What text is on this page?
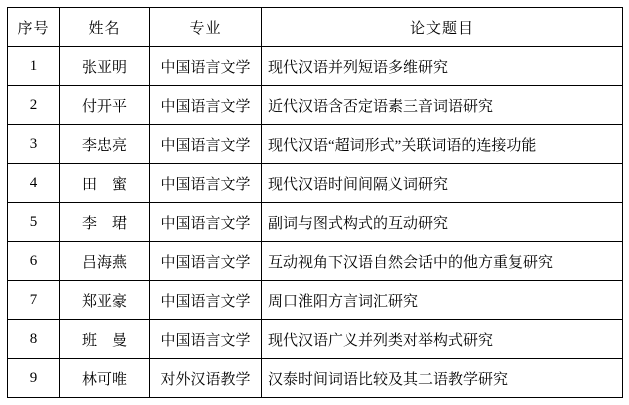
序号	姓名	专业	论文题目
1	张亚明	中国语言文学	现代汉语并列短语多维研究
2	付开平	中国语言文学	近代汉语含否定语素三音词语研究
3	李忠亮	中国语言文学	现代汉语“超词形式”关联词语的连接功能
4	田　蜜	中国语言文学	现代汉语时间间隔义词研究
5	李　珺	中国语言文学	副词与图式构式的互动研究
6	吕海燕	中国语言文学	互动视角下汉语自然会话中的他方重复研究
7	郑亚豪	中国语言文学	周口淮阳方言词汇研究
8	班　曼	中国语言文学	现代汉语广义并列类对举构式研究
9	林可唯	对外汉语教学	汉泰时间词语比较及其二语教学研究
